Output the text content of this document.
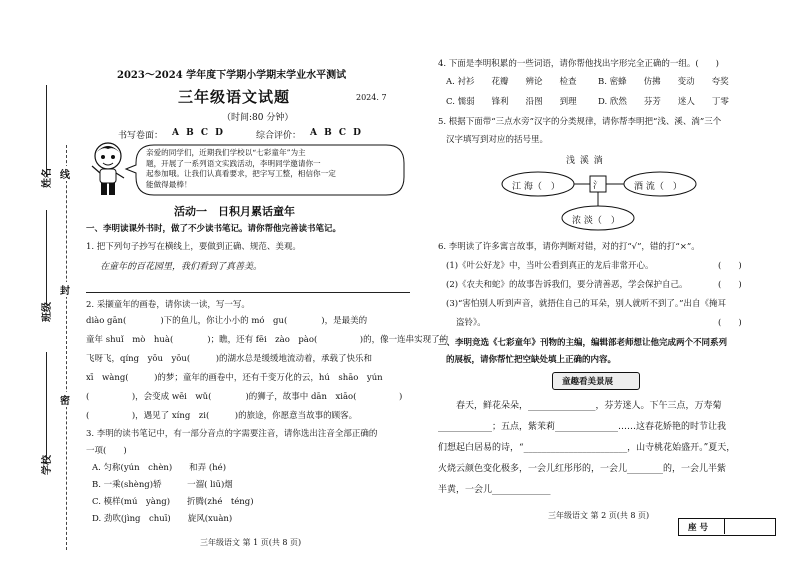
姓名
班级
学校
线
封
密
2023～2024 学年度下学期小学期末学业水平测试
三年级语文试题	2024. 7
（时间:80 分钟）
书写卷面： A B C D	综合评价： A B C D
亲爱的同学们，近期我们学校以“七彩童年”为主
题，开展了一系列语文实践活动，李明同学邀请你一
起参加哦。让我们认真看要求，把字写工整，相信你一定
能做得最棒！
活动一　日积月累话童年
一、李明读课外书时，做了不少读书笔记。请你帮他完善读书笔记。
1. 把下列句子抄写在横线上，要做到正确、规范、美观。
在童年的百花园里，我们看到了真善美。
2. 采撷童年的画卷，请你读一读，写一写。
diào gān(　　　　)下的鱼儿，你让小小的 mó　gu(　　　　)，是最美的
童年 shuǐ　mò　huà(　　　　)；瞧，还有 fēi　zào　pào(　　　　　)的，像一连串实现了的
飞呀飞，qíng　yōu　yōu(　　　)的湖水总是缓缓地流动着，承载了快乐和
xī　wàng(　　　)的梦；童年的画卷中，还有千变万化的云，hú　shāo　yún
(　　　　　)，会变成 wēi　wǔ(　　　　)的狮子，故事中 dān　xiāo(　　　　　)
(　　　　　)，遇见了 xíng　zi(　　　)的旅途，你愿意当故事的顾客。
3. 李明的读书笔记中，有一部分音点的字需要注音，请你选出注音全部正确的
一项(　　)
A. 匀称(yún　chèn)　　和弄 (hé)
B. 一乘(shèng)轿　　　一溜( liū)烟
C. 模样(mú　yàng)　　折腾(zhé　téng)
D. 劲吹(jìng　chuī)　　旋风(xuàn)
三年级语文 第 1 页(共 8 页)
4. 下面是李明积累的一些词语，请你帮他找出字形完全正确的一组。(　　)
A. 衬衫　　花瓣　　辨论　　检查	B. 密蜂　　仿拂　　变动　　夸奖
C. 懦弱　　锋利　　沿图　　到理	D. 欣然　　芬芳　　迷人　　丁零
5. 根据下面带“三点水旁”汉字的分类规律，请你帮李明把“浅、溪、淌”三个
汉字填写到对应的括号里。
浅 溪 淌
江 海（　）	酒 流（　）
浓 淡（　）
氵
6. 李明读了许多寓言故事，请你判断对错，对的打“√”，错的打“×”。
(1)《叶公好龙》中，当叶公看到真正的龙后非常开心。	(　　)
(2)《农夫和蛇》的故事告诉我们，要分清善恶，学会保护自己。	(　　)
(3)“害怕别人听到声音，就捂住自己的耳朵，别人就听不到了。”出自《掩耳
盗铃》。	(　　)
二、李明竞选《七彩童年》刊物的主编，编辑部老师想让他完成两个不同系列
的展板，请你帮忙把空缺处填上正确的内容。
童趣看美景展
春天，鲜花朵朵，_______________，芬芳迷人。下午三点，万寿菊
____________；五点，紫茉莉______________……这春花娇艳的时节让我
们想起白居易的诗，“_______________________，山寺桃花始盛开。”夏天，
火烧云颜色变化极多，一会儿红彤彤的，一会儿________的，一会儿半紫
半黄，一会儿_____________
三年级语文 第 2 页(共 8 页)
座 号
